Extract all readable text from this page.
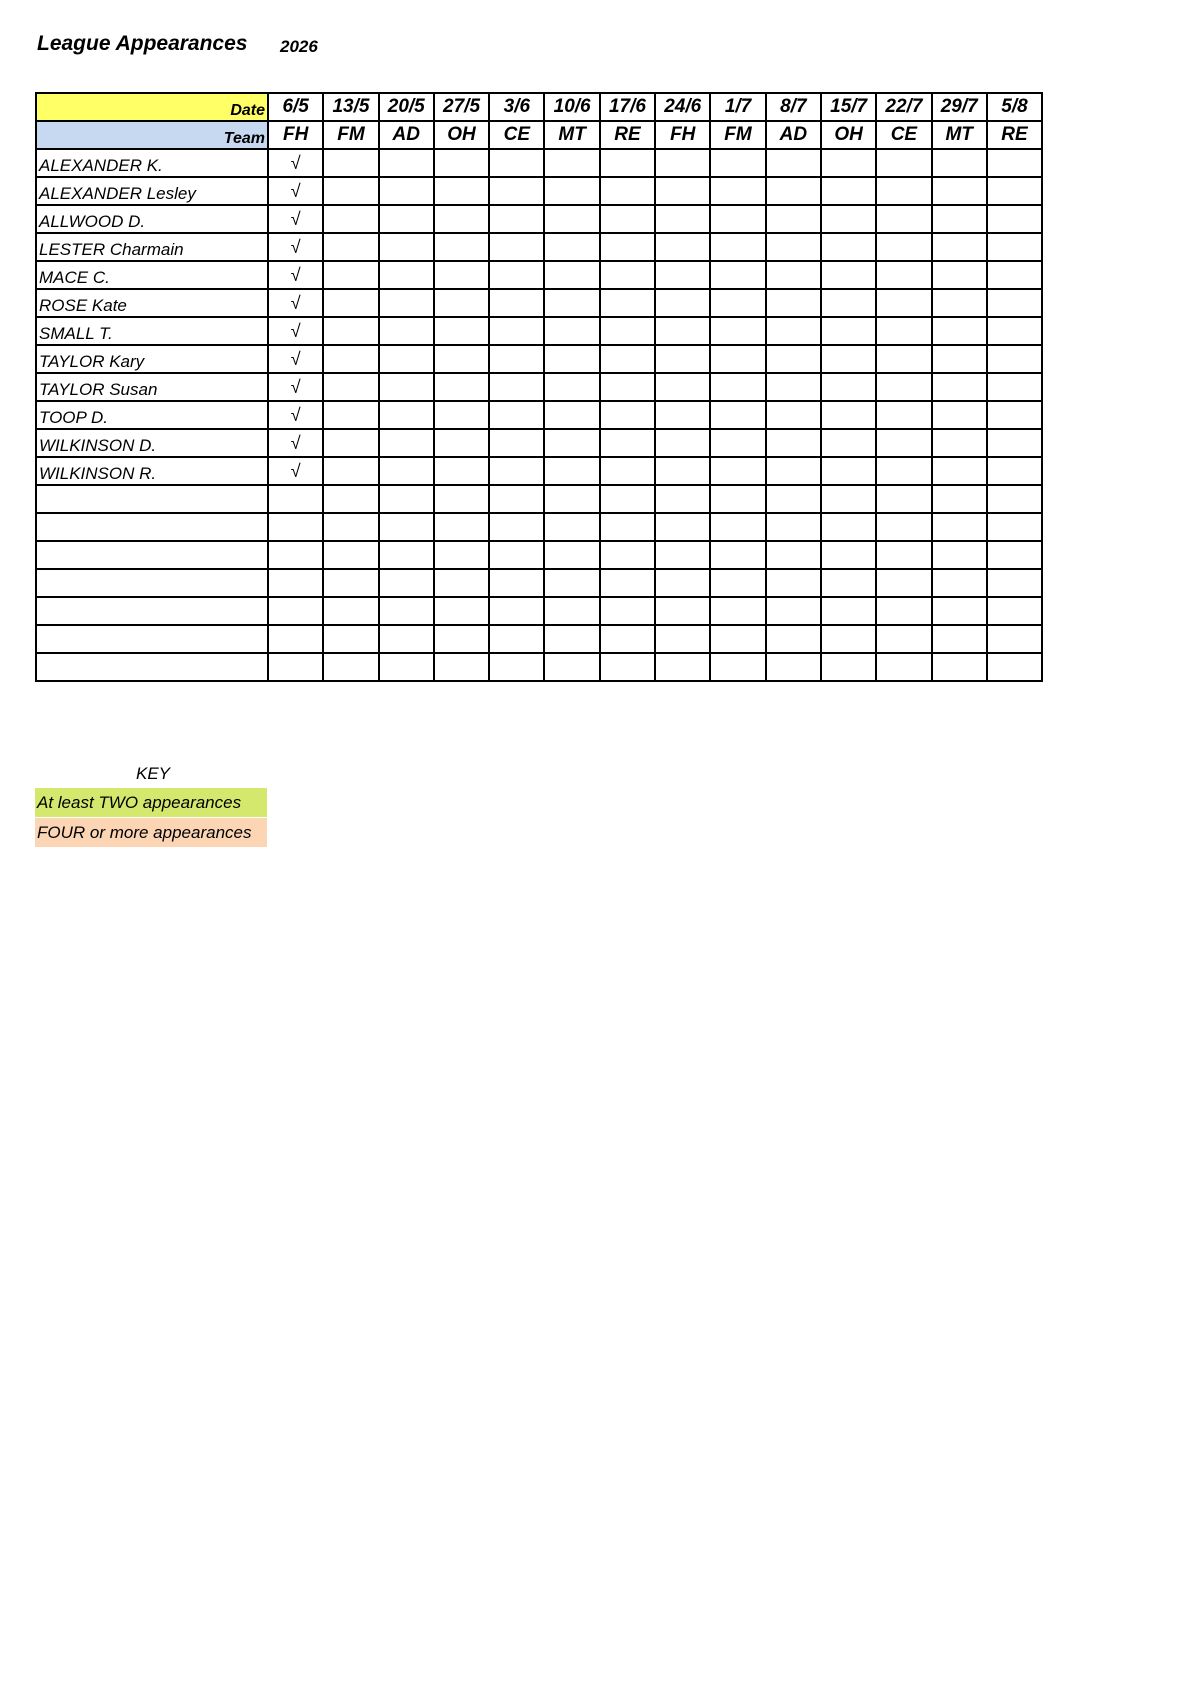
League Appearances 2026
Date	6/5	13/5	20/5	27/5	3/6	10/6	17/6	24/6	1/7	8/7	15/7	22/7	29/7	5/8
Team	FH	FM	AD	OH	CE	MT	RE	FH	FM	AD	OH	CE	MT	RE
ALEXANDER K.	√													
ALEXANDER Lesley	√													
ALLWOOD D.	√													
LESTER Charmain	√													
MACE C.	√													
ROSE Kate	√													
SMALL T.	√													
TAYLOR Kary	√													
TAYLOR Susan	√													
TOOP D.	√													
WILKINSON D.	√													
WILKINSON R.	√													

KEY
At least TWO appearances
FOUR or more appearances
